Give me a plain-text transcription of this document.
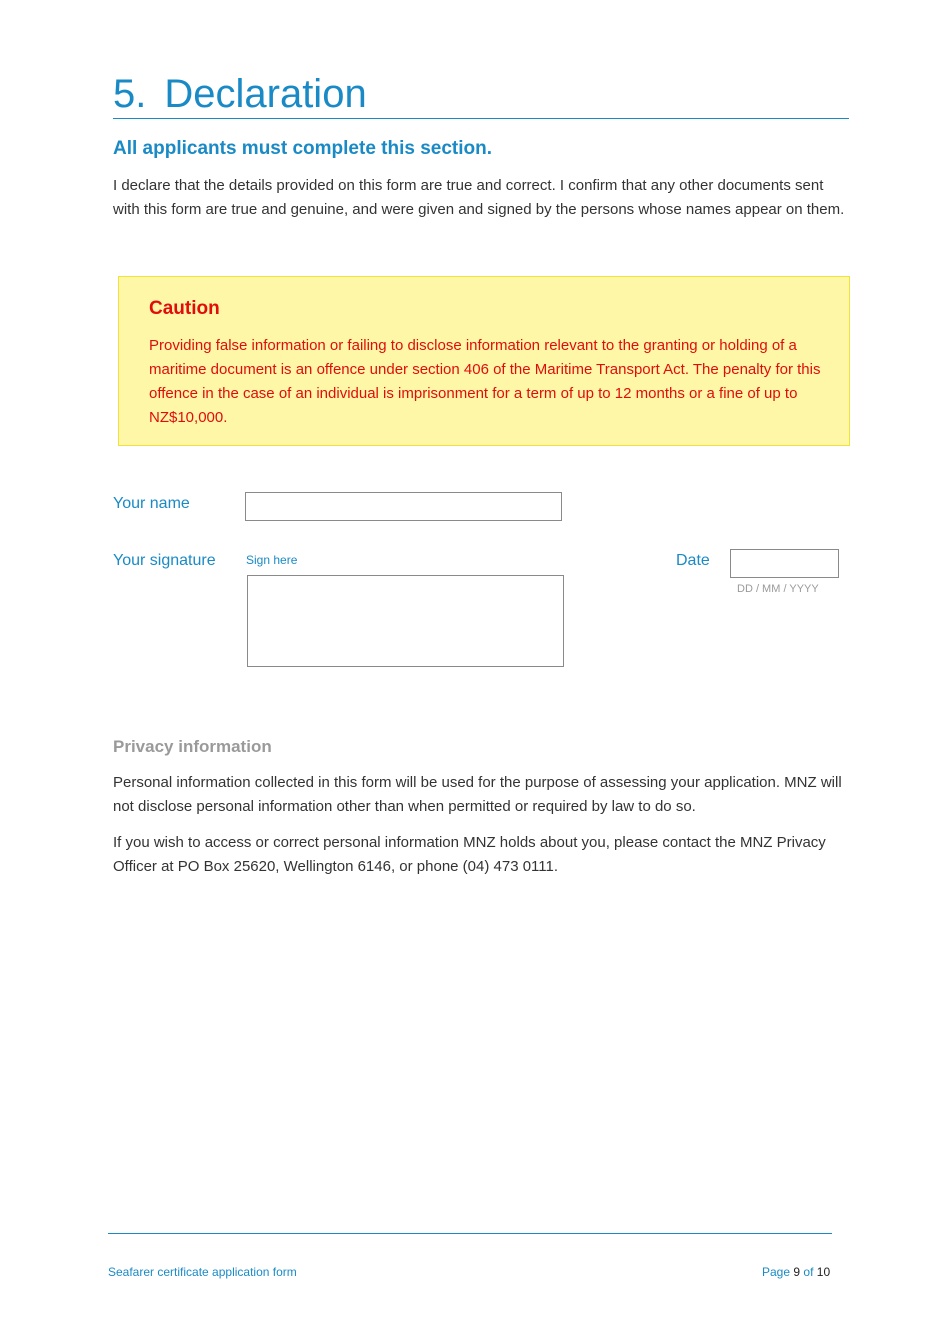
5. Declaration
All applicants must complete this section.

I declare that the details provided on this form are true and correct. I confirm that any other documents sent with this form are true and genuine, and were given and signed by the persons whose names appear on them.

Caution

Providing false information or failing to disclose information relevant to the granting or holding of a maritime document is an offence under section 406 of the Maritime Transport Act. The penalty for this offence in the case of an individual is imprisonment for a term of up to 12 months or a fine of up to NZ$10,000.

Your name
Your signature	Sign here	Date
DD / MM / YYYY
Privacy information

Personal information collected in this form will be used for the purpose of assessing your application. MNZ will not disclose personal information other than when permitted or required by law to do so.

If you wish to access or correct personal information MNZ holds about you, please contact the MNZ Privacy Officer at PO Box 25620, Wellington 6146, or phone (04) 473 0111.

Seafarer certificate application form	Page 9 of 10
